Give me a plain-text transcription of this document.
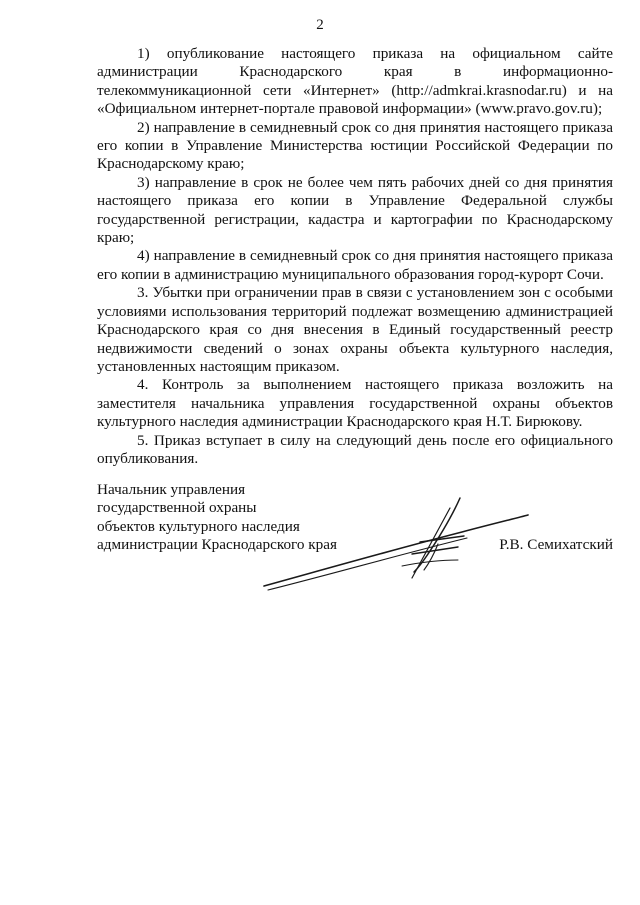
2

1) опубликование настоящего приказа на официальном сайте администрации Краснодарского края в информационно-телекоммуникационной сети «Интернет» (http://admkrai.krasnodar.ru) и на «Официальном интернет-портале правовой информации» (www.pravo.gov.ru);

2) направление в семидневный срок со дня принятия настоящего приказа его копии в Управление Министерства юстиции Российской Федерации по Краснодарскому краю;

3) направление в срок не более чем пять рабочих дней со дня принятия настоящего приказа его копии в Управление Федеральной службы государственной регистрации, кадастра и картографии по Краснодарскому краю;

4) направление в семидневный срок со дня принятия настоящего приказа его копии в администрацию муниципального образования город-курорт Сочи.

3. Убытки при ограничении прав в связи с установлением зон с особыми условиями использования территорий подлежат возмещению администрацией Краснодарского края со дня внесения в Единый государственный реестр недвижимости сведений о зонах охраны объекта культурного наследия, установленных настоящим приказом.

4. Контроль за выполнением настоящего приказа возложить на заместителя начальника управления государственной охраны объектов культурного наследия администрации Краснодарского края Н.Т. Бирюкову.

5. Приказ вступает в силу на следующий день после его официального опубликования.

Начальник управления
государственной охраны
объектов культурного наследия
администрации Краснодарского края	Р.В. Семихатский
